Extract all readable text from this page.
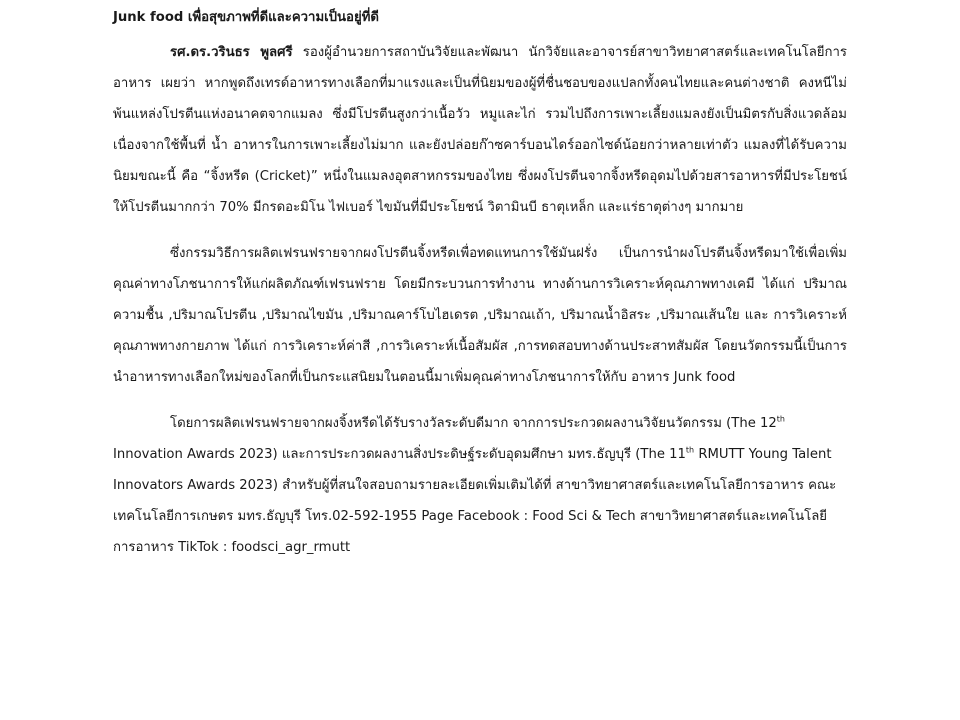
Junk food เพื่อสุขภาพที่ดีและความเป็นอยู่ที่ดี

รศ.ดร.วรินธร พูลศรี รองผู้อำนวยการสถาบันวิจัยและพัฒนา นักวิจัยและอาจารย์สาขาวิทยาศาสตร์และเทคโนโลยีการอาหาร เผยว่า หากพูดถึงเทรด์อาหารทางเลือกที่มาแรงและเป็นที่นิยมของผู้ที่ชื่นชอบของแปลกทั้งคนไทยและคนต่างชาติ คงหนีไม่พ้นแหล่งโปรตีนแห่งอนาคตจากแมลง ซึ่งมีโปรตีนสูงกว่าเนื้อวัว หมูและไก่ รวมไปถึงการเพาะเลี้ยงแมลงยังเป็นมิตรกับสิ่งแวดล้อม เนื่องจากใช้พื้นที่ น้ำ อาหารในการเพาะเลี้ยงไม่มาก และยังปล่อยก๊าซคาร์บอนไดร์ออกไซด์น้อยกว่าหลายเท่าตัว แมลงที่ได้รับความนิยมขณะนี้ คือ “จิ้งหรีด (Cricket)” หนึ่งในแมลงอุตสาหกรรมของไทย ซึ่งผงโปรตีนจากจิ้งหรีดอุดมไปด้วยสารอาหารที่มีประโยชน์ ให้โปรตีนมากกว่า 70% มีกรดอะมิโน ไฟเบอร์ ไขมันที่มีประโยชน์ วิตามินบี ธาตุเหล็ก และแร่ธาตุต่างๆ มากมาย

ซึ่งกรรมวิธีการผลิตเฟรนฟรายจากผงโปรตีนจิ้งหรีดเพื่อทดแทนการใช้มันฝรั่ง เป็นการนำผงโปรตีนจิ้งหรีดมาใช้เพื่อเพิ่มคุณค่าทางโภชนาการให้แก่ผลิตภัณฑ์เฟรนฟราย โดยมีกระบวนการทำงาน ทางด้านการวิเคราะห์คุณภาพทางเคมี ได้แก่ ปริมาณความชื้น ,ปริมาณโปรตีน ,ปริมาณไขมัน ,ปริมาณคาร์โบไฮเดรต ,ปริมาณเถ้า, ปริมาณน้ำอิสระ ,ปริมาณเส้นใย และ การวิเคราะห์คุณภาพทางกายภาพ ได้แก่ การวิเคราะห์ค่าสี ,การวิเคราะห์เนื้อสัมผัส ,การทดสอบทางด้านประสาทสัมผัส โดยนวัตกรรมนี้เป็นการนำอาหารทางเลือกใหม่ของโลกที่เป็นกระแสนิยมในตอนนี้มาเพิ่มคุณค่าทางโภชนาการให้กับ อาหาร Junk food

โดยการผลิตเฟรนฟรายจากผงจิ้งหรีดได้รับรางวัลระดับดีมาก จากการประกวดผลงานวิจัยนวัตกรรม (The 12th Innovation Awards 2023) และการประกวดผลงานสิ่งประดิษฐ์ระดับอุดมศึกษา มทร.ธัญบุรี (The 11th RMUTT Young Talent Innovators Awards 2023) สำหรับผู้ที่สนใจสอบถามรายละเอียดเพิ่มเติมได้ที่ สาขาวิทยาศาสตร์และเทคโนโลยีการอาหาร คณะเทคโนโลยีการเกษตร มทร.ธัญบุรี โทร.02-592-1955 Page Facebook : Food Sci & Tech สาขาวิทยาศาสตร์และเทคโนโลยีการอาหาร TikTok : foodsci_agr_rmutt
